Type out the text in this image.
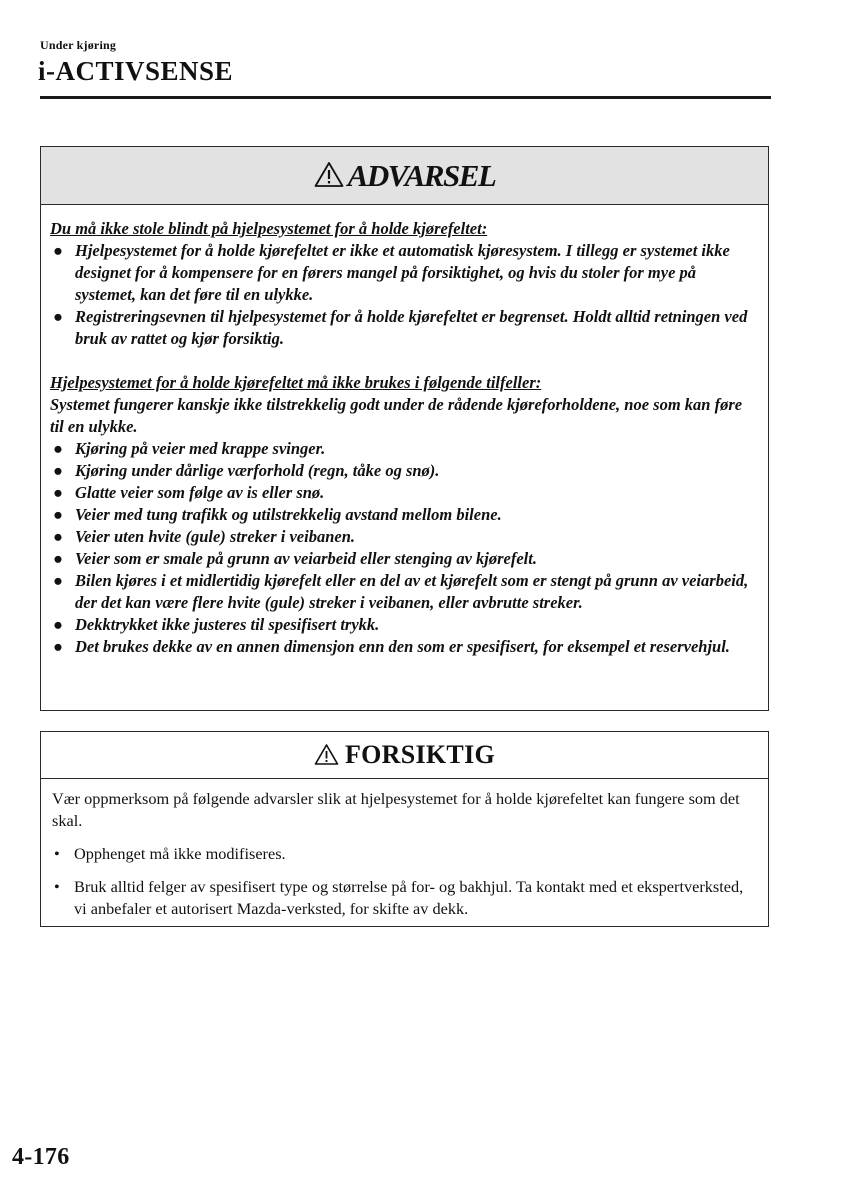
Under kjøring
i-ACTIVSENSE
ADVARSEL
Du må ikke stole blindt på hjelpesystemet for å holde kjørefeltet:
● Hjelpesystemet for å holde kjørefeltet er ikke et automatisk kjøresystem. I tillegg er systemet ikke designet for å kompensere for en førers mangel på forsiktighet, og hvis du stoler for mye på systemet, kan det føre til en ulykke.
● Registreringsevnen til hjelpesystemet for å holde kjørefeltet er begrenset. Holdt alltid retningen ved bruk av rattet og kjør forsiktig.
Hjelpesystemet for å holde kjørefeltet må ikke brukes i følgende tilfeller:
Systemet fungerer kanskje ikke tilstrekkelig godt under de rådende kjøreforholdene, noe som kan føre til en ulykke.
● Kjøring på veier med krappe svinger.
● Kjøring under dårlige værforhold (regn, tåke og snø).
● Glatte veier som følge av is eller snø.
● Veier med tung trafikk og utilstrekkelig avstand mellom bilene.
● Veier uten hvite (gule) streker i veibanen.
● Veier som er smale på grunn av veiarbeid eller stenging av kjørefelt.
● Bilen kjøres i et midlertidig kjørefelt eller en del av et kjørefelt som er stengt på grunn av veiarbeid, der det kan være flere hvite (gule) streker i veibanen, eller avbrutte streker.
● Dekktrykket ikke justeres til spesifisert trykk.
● Det brukes dekke av en annen dimensjon enn den som er spesifisert, for eksempel et reservehjul.
FORSIKTIG

Vær oppmerksom på følgende advarsler slik at hjelpesystemet for å holde kjørefeltet kan fungere som det skal.

• Opphenget må ikke modifiseres.
• Bruk alltid felger av spesifisert type og størrelse på for- og bakhjul. Ta kontakt med et ekspertverksted, vi anbefaler et autorisert Mazda-verksted, for skifte av dekk.
4-176
